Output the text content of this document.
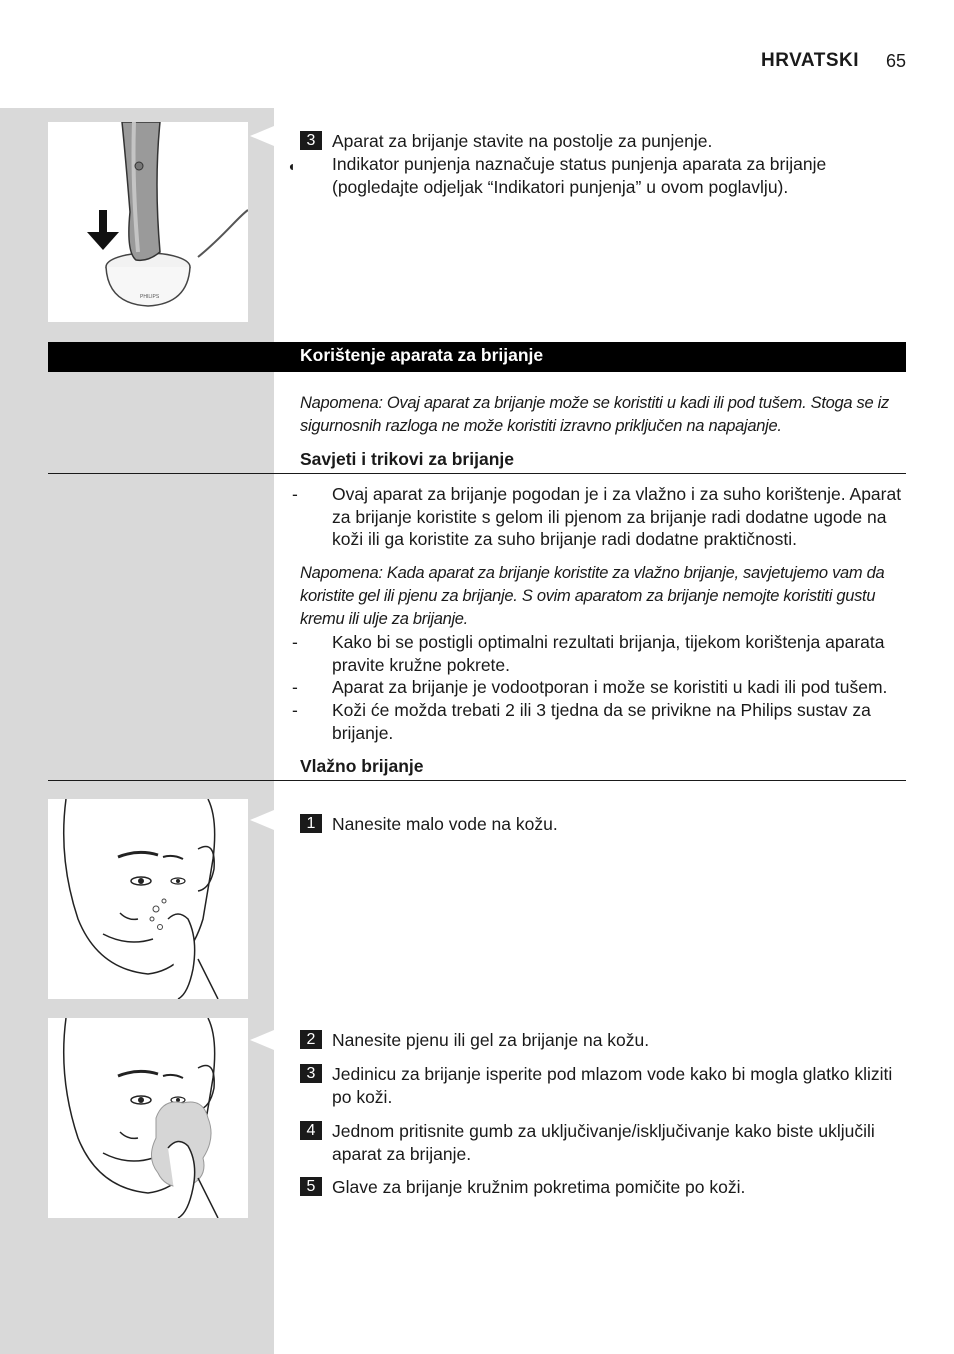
HRVATSKI 65
PHILIPS
3 Aparat za brijanje stavite na postolje za punjenje.
◖ Indikator punjenja naznačuje status punjenja aparata za brijanje (pogledajte odjeljak “Indikatori punjenja” u ovom poglavlju).
Korištenje aparata za brijanje
Napomena: Ovaj aparat za brijanje može se koristiti u kadi ili pod tušem. Stoga se iz sigurnosnih razloga ne može koristiti izravno priključen na napajanje.
Savjeti i trikovi za brijanje
-	Ovaj aparat za brijanje pogodan je i za vlažno i za suho korištenje. Aparat za brijanje koristite s gelom ili pjenom za brijanje radi dodatne ugode na koži ili ga koristite za suho brijanje radi dodatne praktičnosti.
Napomena: Kada aparat za brijanje koristite za vlažno brijanje, savjetujemo vam da koristite gel ili pjenu za brijanje. S ovim aparatom za brijanje nemojte koristiti gustu kremu ili ulje za brijanje.
-	Kako bi se postigli optimalni rezultati brijanja, tijekom korištenja aparata pravite kružne pokrete.
-	Aparat za brijanje je vodootporan i može se koristiti u kadi ili pod tušem.
-	Koži će možda trebati 2 ili 3 tjedna da se privikne na Philips sustav za brijanje.
Vlažno brijanje
1 Nanesite malo vode na kožu.
2 Nanesite pjenu ili gel za brijanje na kožu.
3 Jedinicu za brijanje isperite pod mlazom vode kako bi mogla glatko kliziti po koži.
4 Jednom pritisnite gumb za uključivanje/isključivanje kako biste uključili aparat za brijanje.
5 Glave za brijanje kružnim pokretima pomičite po koži.
